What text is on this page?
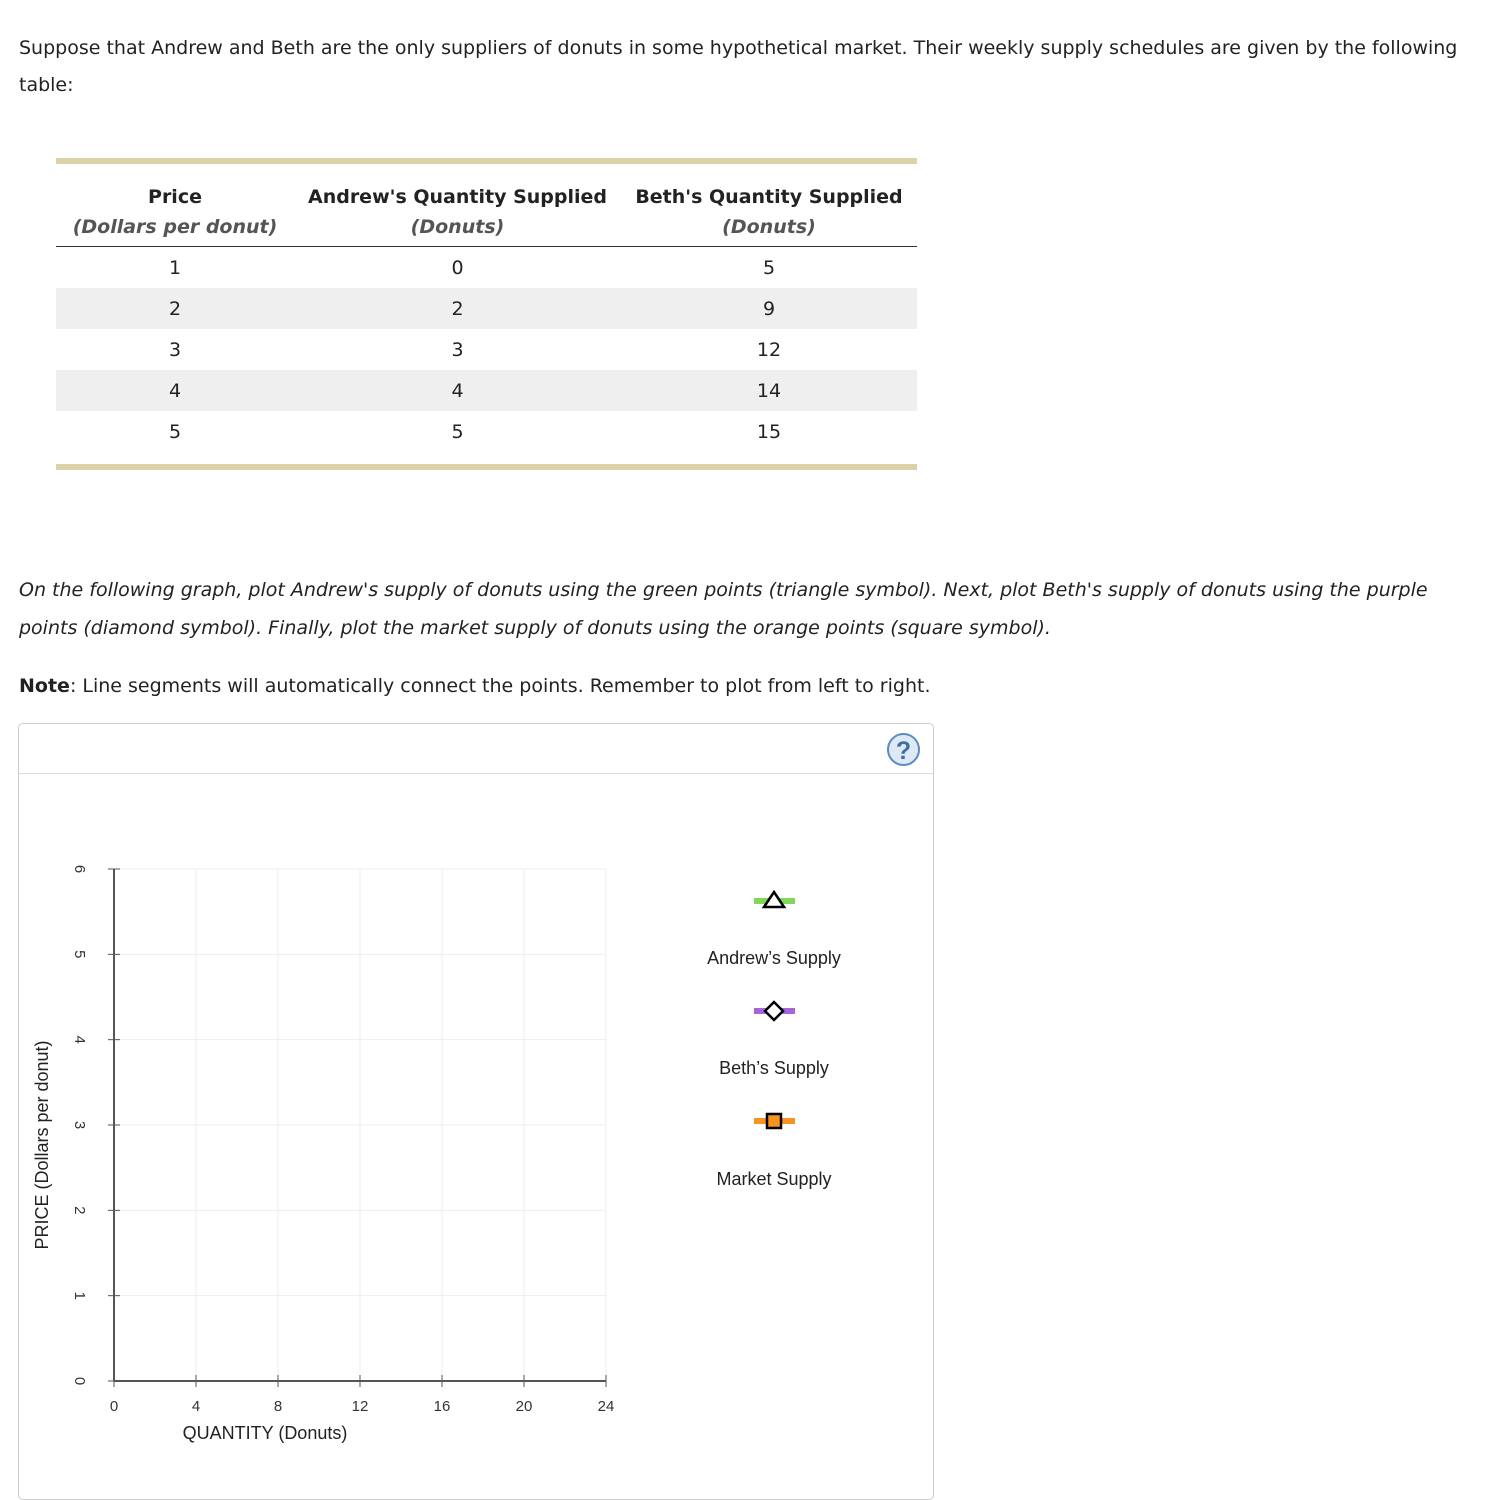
Suppose that Andrew and Beth are the only suppliers of donuts in some hypothetical market. Their weekly supply schedules are given by the following table:

Price	Andrew's Quantity Supplied	Beth's Quantity Supplied
(Dollars per donut)	(Donuts)	(Donuts)
1	0	5
2	2	9
3	3	12
4	4	14
5	5	15

On the following graph, plot Andrew's supply of donuts using the green points (triangle symbol). Next, plot Beth's supply of donuts using the purple points (diamond symbol). Finally, plot the market supply of donuts using the orange points (square symbol).

Note: Line segments will automatically connect the points. Remember to plot from left to right.

?
0	4	8	12	16	20	24
0
1
2
3
4
5
6
QUANTITY (Donuts)
PRICE (Dollars per donut)
Andrew’s Supply
Beth’s Supply
Market Supply
